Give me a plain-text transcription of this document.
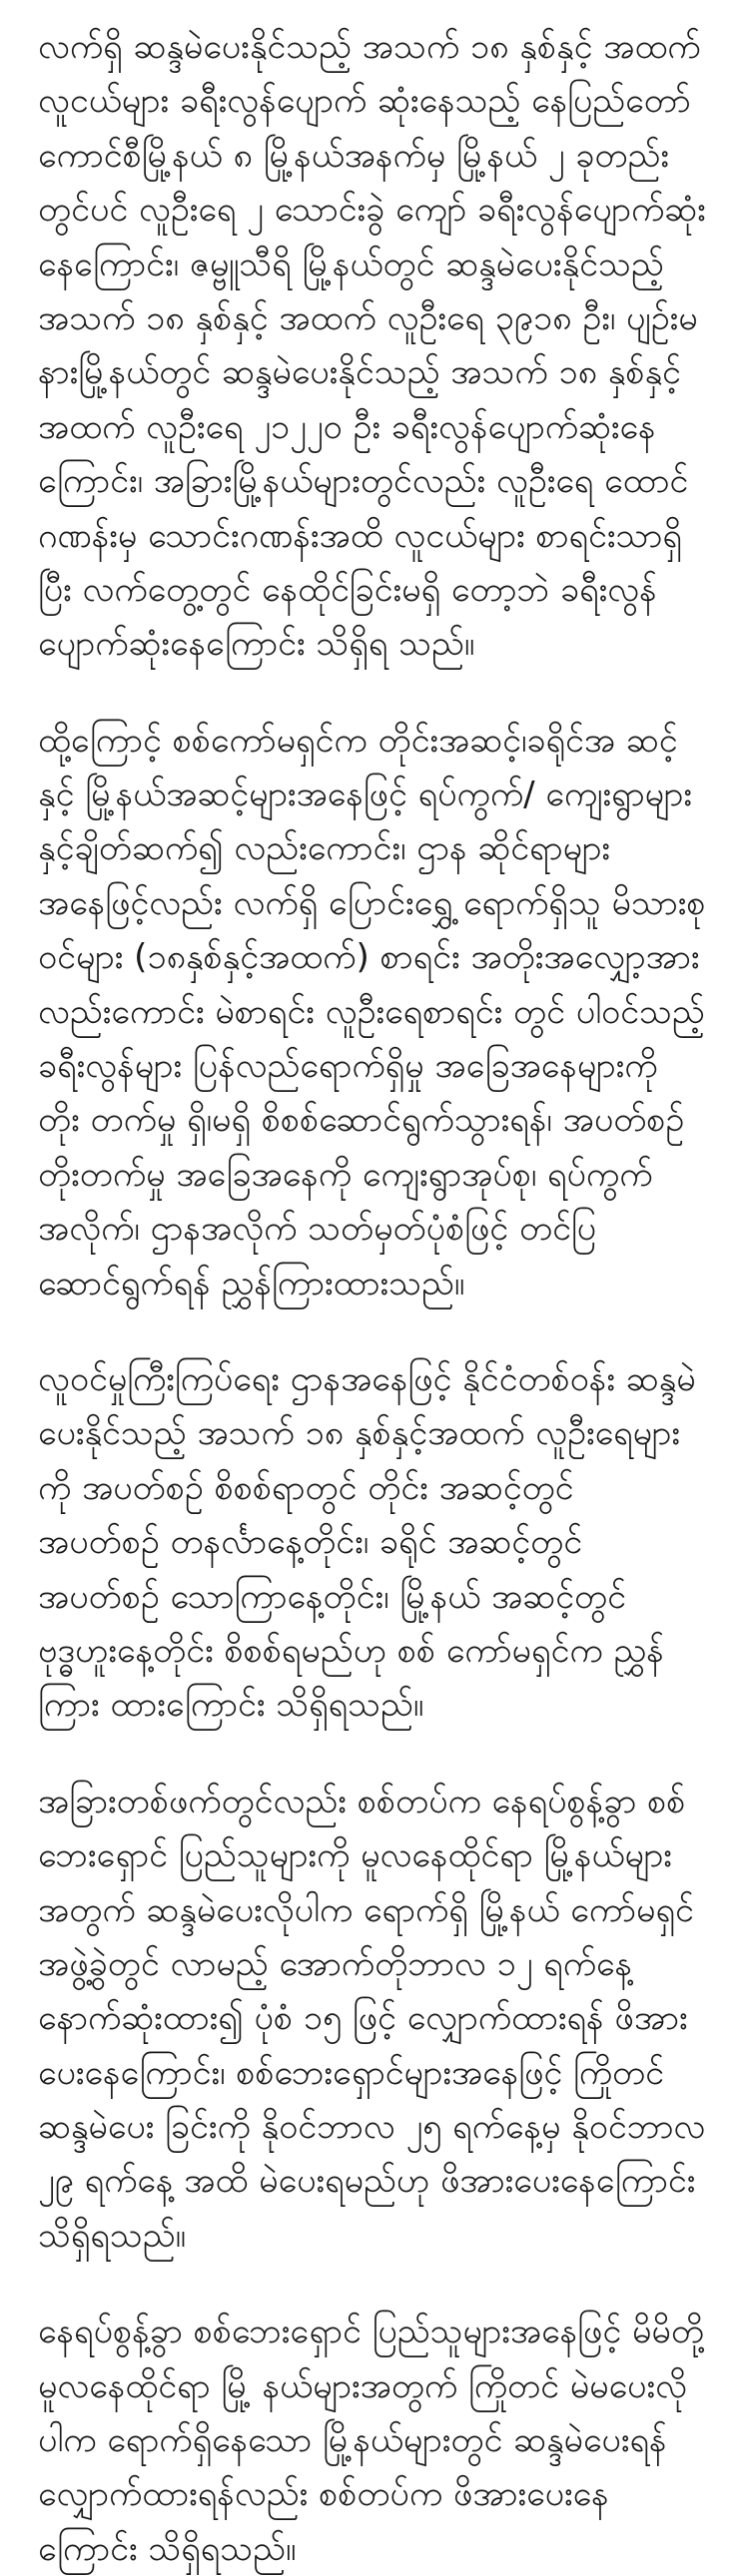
လက်ရှိ ဆန္ဒမဲပေးနိုင်သည့် အသက် ၁၈ နှစ်နှင့် အထက် လူငယ်များ ခရီးလွန်ပျောက် ဆုံးနေသည့် နေပြည်တော်ကောင်စီမြို့နယ် ၈ မြို့နယ်အနက်မှ မြို့နယ် ၂ ခုတည်းတွင်ပင် လူဦးရေ ၂ သောင်းခွဲ ကျော် ခရီးလွန်ပျောက်ဆုံးနေကြောင်း၊ ဇမ္ဗူသီရိ မြို့နယ်တွင် ဆန္ဒမဲပေးနိုင်သည့် အသက် ၁၈ နှစ်နှင့် အထက် လူဦးရေ ၃၉၁၈ ဦး၊ ပျဉ်းမနားမြို့နယ်တွင် ဆန္ဒမဲပေးနိုင်သည့် အသက် ၁၈ နှစ်နှင့်အထက် လူဦးရေ ၂၁၂၂၀ ဦး ခရီးလွန်ပျောက်ဆုံးနေ ကြောင်း၊ အခြားမြို့နယ်များတွင်လည်း လူဦးရေ ထောင်ဂဏန်းမှ သောင်းဂဏန်းအထိ လူငယ်များ စာရင်းသာရှိပြီး လက်တွေ့တွင် နေထိုင်ခြင်းမရှိ တော့ဘဲ ခရီးလွန်ပျောက်ဆုံးနေကြောင်း သိရှိရ သည်။

ထို့ကြောင့် စစ်ကော်မရှင်က တိုင်းအဆင့်၊ခရိုင်အ ဆင့်နှင့် မြို့နယ်အဆင့်များအနေဖြင့် ရပ်ကွက်/ ကျေးရွာများနှင့်ချိတ်ဆက်၍ လည်းကောင်း၊ ဌာန ဆိုင်ရာများအနေဖြင့်လည်း လက်ရှိ ပြောင်းရွှေ့ ရောက်ရှိသူ မိသားစုဝင်များ (၁၈နှစ်နှင့်အထက်) စာရင်း အတိုးအလျှော့အားလည်းကောင်း မဲစာရင်း လူဦးရေစာရင်း တွင် ပါဝင်သည့် ခရီးလွန်များ ပြန်လည်ရောက်ရှိမှု အခြေအနေများကို တိုး တက်မှု ရှိ၊မရှိ စိစစ်ဆောင်ရွက်သွားရန်၊ အပတ်စဉ် တိုးတက်မှု အခြေအနေကို ကျေးရွာအုပ်စု၊ ရပ်ကွက်အလိုက်၊ ဌာနအလိုက် သတ်မှတ်ပုံစံဖြင့် တင်ပြဆောင်ရွက်ရန် ညွှန်ကြားထားသည်။

လူဝင်မှုကြီးကြပ်ရေး ဌာနအနေဖြင့် နိုင်ငံတစ်ဝန်း ဆန္ဒမဲပေးနိုင်သည့် အသက် ၁၈ နှစ်နှင့်အထက် လူဦးရေများကို အပတ်စဉ် စိစစ်ရာတွင် တိုင်း အဆင့်တွင် အပတ်စဉ် တနင်္လာနေ့တိုင်း၊ ခရိုင် အဆင့်တွင် အပတ်စဉ် သောကြာနေ့တိုင်း၊ မြို့နယ် အဆင့်တွင် ဗုဒ္ဓဟူးနေ့တိုင်း စိစစ်ရမည်ဟု စစ် ကော်မရှင်က ညွှန်ကြား ထားကြောင်း သိရှိရသည်။

အခြားတစ်ဖက်တွင်လည်း စစ်တပ်က နေရပ်စွန့်ခွာ စစ်ဘေးရှောင် ပြည်သူများကို မူလနေထိုင်ရာ မြို့နယ်များအတွက် ဆန္ဒမဲပေးလိုပါက ရောက်ရှိ မြို့နယ် ကော်မရှင်အဖွဲ့ခွဲတွင် လာမည့် အောက်တိုဘာလ ၁၂ ရက်နေ့ နောက်ဆုံးထား၍ ပုံစံ ၁၅ ဖြင့် လျှောက်ထားရန် ဖိအားပေးနေကြောင်း၊ စစ်ဘေးရှောင်များအနေဖြင့် ကြိုတင်ဆန္ဒမဲပေး ခြင်းကို နိုဝင်ဘာလ ၂၅ ရက်နေ့မှ နိုဝင်ဘာလ ၂၉ ရက်နေ့ အထိ မဲပေးရမည်ဟု ဖိအားပေးနေကြောင်း သိရှိရသည်။

နေရပ်စွန့်ခွာ စစ်ဘေးရှောင် ပြည်သူများအနေဖြင့် မိမိတို့ မူလနေထိုင်ရာ မြို့ နယ်များအတွက် ကြိုတင် မဲမပေးလိုပါက ရောက်ရှိနေသော မြို့နယ်များတွင် ဆန္ဒမဲပေးရန် လျှောက်ထားရန်လည်း စစ်တပ်က ဖိအားပေးနေကြောင်း သိရှိရသည်။
